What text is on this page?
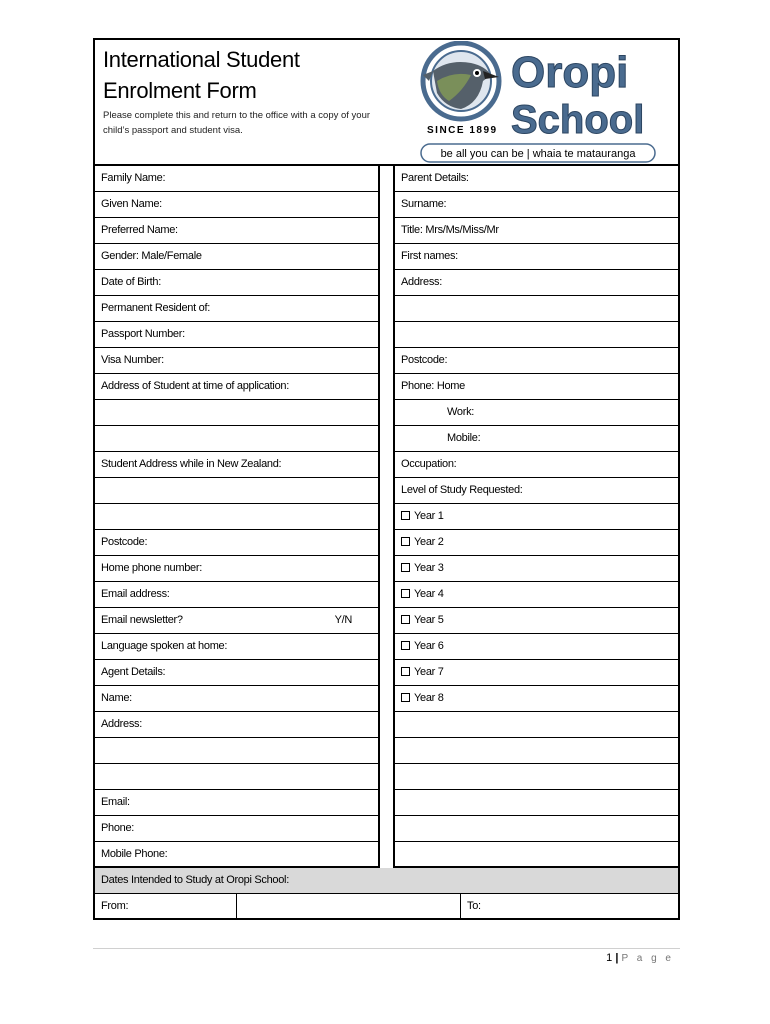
International Student
Enrolment Form
Please complete this and return to the office with a copy of your child’s passport and student visa.
Oropi
School
SINCE 1899
be all you can be | whaia te matauranga
Dates Intended to Study at Oropi School:
From:	To:
Family Name:
Given Name:
Preferred Name:
Gender: Male/Female
Date of Birth:
Permanent Resident of:
Passport Number:
Visa Number:
Address of Student at time of application:
Student Address while in New Zealand:
Postcode:
Home phone number:
Email address:
Email newsletter?	Y/N
Language spoken at home:
Agent Details:
Name:
Address:
Email:
Phone:
Mobile Phone:
Parent Details:
Surname:
Title: Mrs/Ms/Miss/Mr
First names:
Address:
Postcode:
Phone: Home
Work:
Mobile:
Occupation:
Level of Study Requested:
Year 1
Year 2
Year 3
Year 4
Year 5
Year 6
Year 7
Year 8
1 | P a g e
